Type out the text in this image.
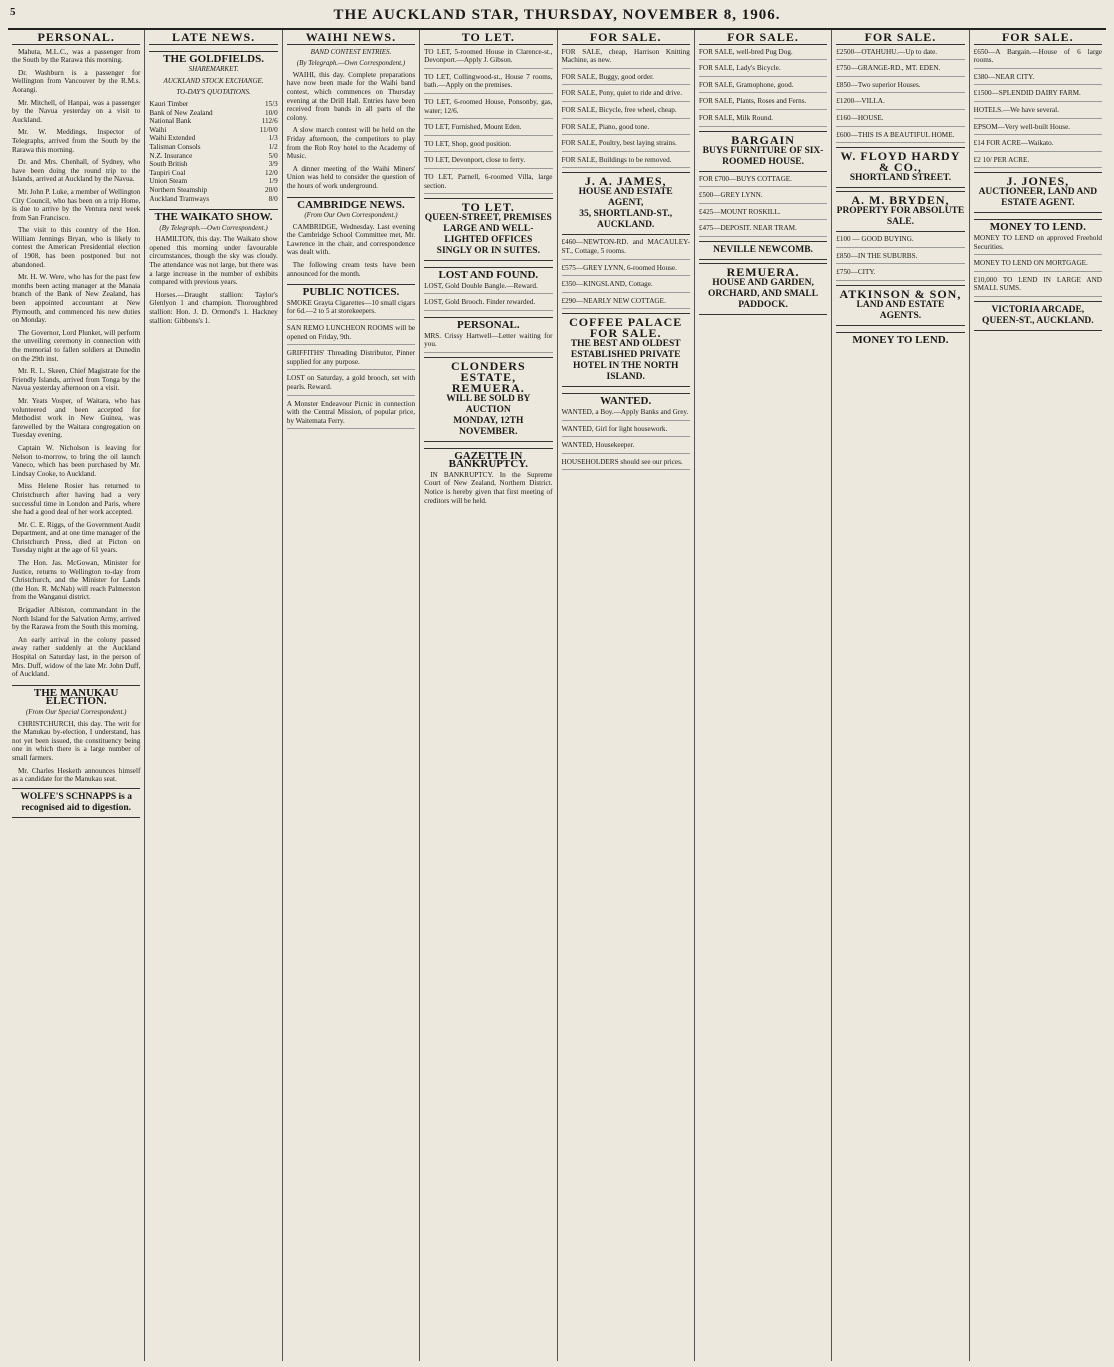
5	THE AUCKLAND STAR, THURSDAY, NOVEMBER 8, 1906.
PERSONAL.
Mahuta, M.L.C., was a passenger from the South by the Rarawa this morning.
Dr. Washburn is a passenger for Wellington from Vancouver by the R.M.s. Aorangi.
Mr. Mitchell, of Hanpai, was a passenger by the Navua yesterday on a visit to Auckland.
Mr. W. Meddings, Inspector of Telegraphs, arrived from the South by the Rarawa this morning.
Dr. and Mrs. Chenhall, of Sydney, who have been doing the round trip to the Islands, arrived at Auckland by the Navua.
Mr. John P. Luke, a member of Wellington City Council, who has been on a trip Home, is due to arrive by the Ventura next week from San Francisco.
The visit to this country of the Hon. William Jennings Bryan, who is likely to contest the American Presidential election of 1908, has been postponed but not abandoned.
Mr. H. W. Were, who has for the past few months been acting manager at the Manaia branch of the Bank of New Zealand, has been appointed accountant at New Plymouth, and commenced his new duties on Monday.
The Governor, Lord Plunket, will perform the unveiling ceremony in connection with the memorial to fallen soldiers at Dunedin on the 29th inst.
Mr. R. L. Skeen, Chief Magistrate for the Friendly Islands, arrived from Tonga by the Navua yesterday afternoon on a visit.
Mr. Yeats Vosper, of Waitara, who has volunteered and been accepted for Methodist work in New Guinea, was farewelled by the Waitara congregation on Tuesday evening.
Captain W. Nicholson is leaving for Nelson to-morrow, to bring the oil launch Vaneco, which has been purchased by Mr. Lindsay Cooke, to Auckland.
Miss Helene Rosier has returned to Christchurch after having had a very successful time in London and Paris, where she had a good deal of her work accepted.
Mr. C. E. Riggs, of the Government Audit Department, and at one time manager of the Christchurch Press, died at Picton on Tuesday night at the age of 61 years.
The Hon. Jas. McGowan, Minister for Justice, returns to Wellington to-day from Christchurch, and the Minister for Lands (the Hon. R. McNab) will reach Palmerston from the Wanganui district.
Brigadier Albiston, commandant in the North Island for the Salvation Army, arrived by the Rarawa from the South this morning.
An early arrival in the colony passed away rather suddenly at the Auckland Hospital on Saturday last, in the person of Mrs. Duff, widow of the late Mr. John Duff, of Auckland.
THE MANUKAU ELECTION.
(From Our Special Correspondent.)
CHRISTCHURCH, this day. The writ for the Manukau by-election, I understand, has not yet been issued, the constituency being one in which there is a large number of small farmers.
Mr. Charles Hesketh announces himself as a candidate for the Manukau seat.
WOLFE'S SCHNAPPS is a recognised aid to digestion.
LATE NEWS.
THE GOLDFIELDS.
SHAREMARKET.
AUCKLAND STOCK EXCHANGE.
TO-DAY'S QUOTATIONS.
Kauri Timber	15/3
Bank of New Zealand	10/0
National Bank	112/6
Waihi	11/0/0
Waihi Extended	1/3
Talisman Consols	1/2
N.Z. Insurance	5/0
South British	3/9
Taupiri Coal	12/0
Union Steam	1/9
Northern Steamship	20/0
Auckland Tramways	8/0
THE WAIKATO SHOW.
(By Telegraph.—Own Correspondent.)
HAMILTON, this day. The Waikato show opened this morning under favourable circumstances, though the sky was cloudy. The attendance was not large, but there was a large increase in the number of exhibits compared with previous years.
Horses.—Draught stallion: Taylor's Glenlyon 1 and champion. Thoroughbred stallion: Hon. J. D. Ormond's 1. Hackney stallion: Gibbons's 1.
WAIHI NEWS.
BAND CONTEST ENTRIES.
(By Telegraph.—Own Correspondent.)
WAIHI, this day. Complete preparations have now been made for the Waihi band contest, which commences on Thursday evening at the Drill Hall. Entries have been received from bands in all parts of the colony.
A slow march contest will be held on the Friday afternoon, the competitors to play from the Rob Roy hotel to the Academy of Music.
A dinner meeting of the Waihi Miners' Union was held to consider the question of the hours of work underground.
CAMBRIDGE NEWS.
(From Our Own Correspondent.)
CAMBRIDGE, Wednesday. Last evening the Cambridge School Committee met, Mr. Lawrence in the chair, and correspondence was dealt with.
The following cream tests have been announced for the month.
PUBLIC NOTICES.
SMOKE Grayta Cigarettes—10 small cigars for 6d.—2 to 5 at storekeepers.
SAN REMO LUNCHEON ROOMS will be opened on Friday, 9th.
GRIFFITHS' Threading Distributor, Pinner supplied for any purpose.
LOST on Saturday, a gold brooch, set with pearls. Reward.
A Monster Endeavour Picnic in connection with the Central Mission, of popular price, by Waitemata Ferry.
TO LET.
TO LET, 5-roomed House in Clarence-st., Devonport.—Apply J. Gibson.
TO LET, Collingwood-st., House 7 rooms, bath.—Apply on the premises.
TO LET, 6-roomed House, Ponsonby, gas, water; 12/6.
TO LET, Furnished, Mount Eden.
TO LET, Shop, good position.
TO LET, Devonport, close to ferry.
TO LET, Parnell, 6-roomed Villa, large section.
TO LET.
QUEEN-STREET, PREMISES
LARGE AND WELL-LIGHTED OFFICES
SINGLY OR IN SUITES.
LOST AND FOUND.
LOST, Gold Double Bangle.—Reward.
LOST, Gold Brooch. Finder rewarded.
PERSONAL.
MRS. Crissy Hartwell—Letter waiting for you.
CLONDERS ESTATE, REMUERA.
WILL BE SOLD BY AUCTION
MONDAY, 12TH NOVEMBER.
GAZETTE IN BANKRUPTCY.
IN BANKRUPTCY. In the Supreme Court of New Zealand, Northern District. Notice is hereby given that first meeting of creditors will be held.
FOR SALE.
FOR SALE, cheap, Harrison Knitting Machine, as new.
FOR SALE, Buggy, good order.
FOR SALE, Pony, quiet to ride and drive.
FOR SALE, Bicycle, free wheel, cheap.
FOR SALE, Piano, good tone.
FOR SALE, Poultry, best laying strains.
FOR SALE, Buildings to be removed.
J. A. JAMES,
HOUSE AND ESTATE AGENT,
35, SHORTLAND-ST., AUCKLAND.
£460—NEWTON-RD. and MACAULEY-ST., Cottage, 5 rooms.
£575—GREY LYNN, 6-roomed House.
£350—KINGSLAND, Cottage.
£290—NEARLY NEW COTTAGE.
COFFEE PALACE FOR SALE.
THE BEST AND OLDEST ESTABLISHED PRIVATE HOTEL IN THE NORTH ISLAND.
WANTED.
WANTED, a Boy.—Apply Banks and Grey.
WANTED, Girl for light housework.
WANTED, Housekeeper.
HOUSEHOLDERS should see our prices.
FOR SALE.
FOR SALE, well-bred Pug Dog.
FOR SALE, Lady's Bicycle.
FOR SALE, Gramophone, good.
FOR SALE, Plants, Roses and Ferns.
FOR SALE, Milk Round.
BARGAIN
BUYS FURNITURE OF SIX-ROOMED HOUSE.
FOR £700—BUYS COTTAGE.
£500—GREY LYNN.
£425—MOUNT ROSKILL.
£475—DEPOSIT. NEAR TRAM.
NEVILLE NEWCOMB.
REMUERA.
HOUSE AND GARDEN, ORCHARD, AND SMALL PADDOCK.
FOR SALE.
£2500—OTAHUHU.—Up to date.
£750—GRANGE-RD., MT. EDEN.
£850—Two superior Houses.
£1200—VILLA.
£160—HOUSE.
£600—THIS IS A BEAUTIFUL HOME.
W. FLOYD HARDY & CO.,
SHORTLAND STREET.
A. M. BRYDEN,
PROPERTY FOR ABSOLUTE SALE.
£100 — GOOD BUYING.
£850—IN THE SUBURBS.
£750—CITY.
ATKINSON & SON,
LAND AND ESTATE AGENTS.
MONEY TO LEND.
FOR SALE.
£650—A Bargain.—House of 6 large rooms.
£380—NEAR CITY.
£1500—SPLENDID DAIRY FARM.
HOTELS.—We have several.
EPSOM—Very well-built House.
£14 FOR ACRE—Waikato.
£2 10/ PER ACRE.
J. JONES,
AUCTIONEER, LAND AND ESTATE AGENT.
MONEY TO LEND.
MONEY TO LEND on approved Freehold Securities.
MONEY TO LEND ON MORTGAGE.
£10,000 TO LEND IN LARGE AND SMALL SUMS.
VICTORIA ARCADE, QUEEN-ST., AUCKLAND.
